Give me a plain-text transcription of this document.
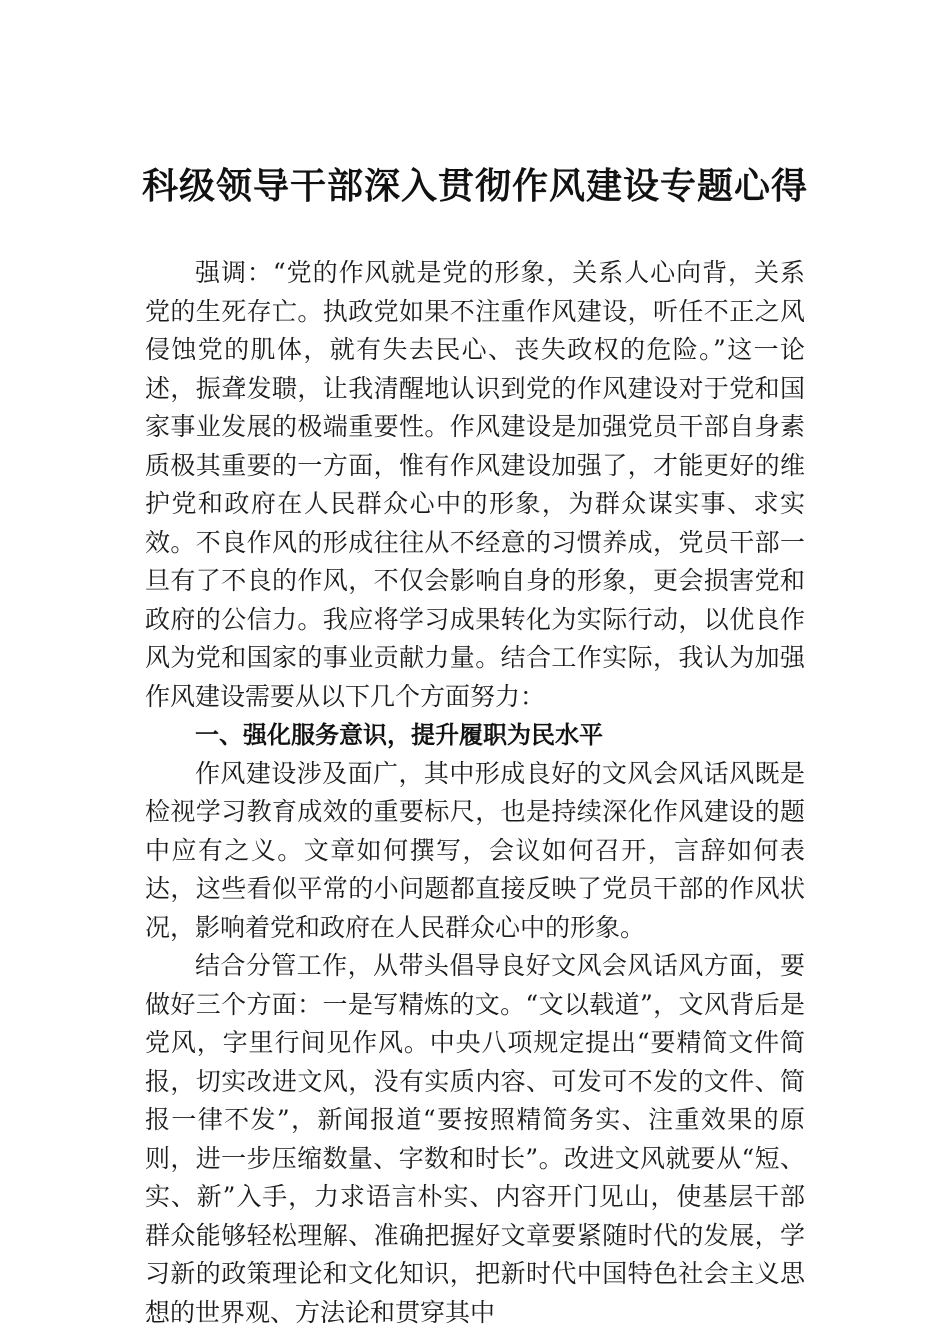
科级领导干部深入贯彻作风建设专题心得

强调：“党的作风就是党的形象，关系人心向背，关系党的生死存亡。执政党如果不注重作风建设，听任不正之风侵蚀党的肌体，就有失去民心、丧失政权的危险。”这一论述，振聋发聩，让我清醒地认识到党的作风建设对于党和国家事业发展的极端重要性。作风建设是加强党员干部自身素质极其重要的一方面，惟有作风建设加强了，才能更好的维护党和政府在人民群众心中的形象，为群众谋实事、求实效。不良作风的形成往往从不经意的习惯养成，党员干部一旦有了不良的作风，不仅会影响自身的形象，更会损害党和政府的公信力。我应将学习成果转化为实际行动，以优良作风为党和国家的事业贡献力量。结合工作实际，我认为加强作风建设需要从以下几个方面努力：

一、强化服务意识，提升履职为民水平

作风建设涉及面广，其中形成良好的文风会风话风既是检视学习教育成效的重要标尺，也是持续深化作风建设的题中应有之义。文章如何撰写，会议如何召开，言辞如何表达，这些看似平常的小问题都直接反映了党员干部的作风状况，影响着党和政府在人民群众心中的形象。

结合分管工作，从带头倡导良好文风会风话风方面，要做好三个方面：一是写精炼的文。“文以载道”，文风背后是党风，字里行间见作风。中央八项规定提出“要精简文件简报，切实改进文风，没有实质内容、可发可不发的文件、简报一律不发”，新闻报道“要按照精简务实、注重效果的原则，进一步压缩数量、字数和时长”。改进文风就要从“短、实、新”入手，力求语言朴实、内容开门见山，使基层干部群众能够轻松理解、准确把握好文章要紧随时代的发展，学习新的政策理论和文化知识，把新时代中国特色社会主义思想的世界观、方法论和贯穿其中
